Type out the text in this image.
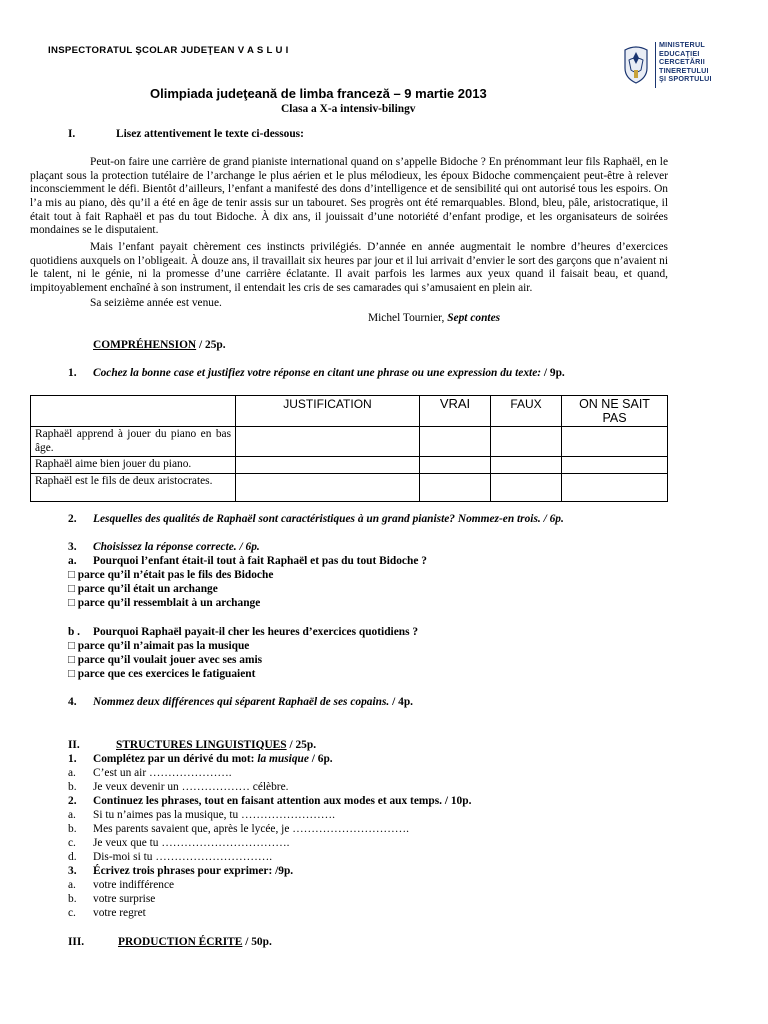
INSPECTORATUL ŞCOLAR JUDEŢEAN V A S L U I
MINISTERUL
EDUCAŢIEI
CERCETĂRII
TINERETULUI
ŞI SPORTULUI
Olimpiada judeţeană de limba franceză – 9 martie 2013
Clasa a X-a intensiv-bilingv
I.	Lisez attentivement le texte ci-dessous:
Peut-on faire une carrière de grand pianiste international quand on s’appelle Bidoche ? En prénommant leur fils Raphaël, en le plaçant sous la protection tutélaire de l’archange le plus aérien et le plus mélodieux, les époux Bidoche commençaient peut-être à relever inconsciemment le défi. Bientôt d’ailleurs, l’enfant a manifesté des dons d’intelligence et de sensibilité qui ont autorisé tous les espoirs. On l’a mis au piano, dès qu’il a été en âge de tenir assis sur un tabouret. Ses progrès ont été remarquables. Blond, bleu, pâle, aristocratique, il était tout à fait Raphaël et pas du tout Bidoche. À dix ans, il jouissait d’une notoriété d’enfant prodige, et les organisateurs de soirées mondaines se le disputaient.
Mais l’enfant payait chèrement ces instincts privilégiés. D’année en année augmentait le nombre d’heures d’exercices quotidiens auxquels on l’obligeait. À douze ans, il travaillait six heures par jour et il lui arrivait d’envier le sort des garçons que n’avaient ni le talent, ni le génie, ni la promesse d’une carrière éclatante. Il avait parfois les larmes aux yeux quand il faisait beau, et quand, impitoyablement enchaîné à son instrument, il entendait les cris de ses camarades qui s’amusaient en plein air.
Sa seizième année est venue.
Michel Tournier, Sept contes
COMPRÉHENSION / 25p.
1. Cochez la bonne case et justifiez votre réponse en citant une phrase ou une expression du texte: / 9p.
	JUSTIFICATION	VRAI	FAUX	ON NE SAIT PAS
Raphaël apprend à jouer du piano en bas âge.				
Raphaël aime bien jouer du piano.				
Raphaël est le fils de deux aristocrates.				
2. Lesquelles des qualités de Raphaël sont caractéristiques à un grand pianiste? Nommez-en trois. / 6p.
3. Choisissez la réponse correcte. / 6p.
a. Pourquoi l’enfant était-il tout à fait Raphaël et pas du tout Bidoche ?
□ parce qu’il n’était pas le fils des Bidoche
□ parce qu’il était un archange
□ parce qu’il ressemblait à un archange
b . Pourquoi Raphaël payait-il cher les heures d’exercices quotidiens ?
□ parce qu’il n’aimait pas la musique
□ parce qu’il voulait jouer avec ses amis
□ parce que ces exercices le fatiguaient
4. Nommez deux différences qui séparent Raphaël de ses copains. / 4p.
II.	STRUCTURES LINGUISTIQUES / 25p.
1. Complétez par un dérivé du mot: la musique / 6p.
a. C’est un air ………………….
b. Je veux devenir un ……………… célèbre.
2. Continuez les phrases, tout en faisant attention aux modes et aux temps. / 10p.
a. Si tu n’aimes pas la musique, tu …………………….
b. Mes parents savaient que, après le lycée, je ………………………….
c. Je veux que tu …………………………….
d. Dis-moi si tu ………………………….
3. Écrivez trois phrases pour exprimer: /9p.
a. votre indifférence
b. votre surprise
c. votre regret
III.	PRODUCTION ÉCRITE / 50p.
